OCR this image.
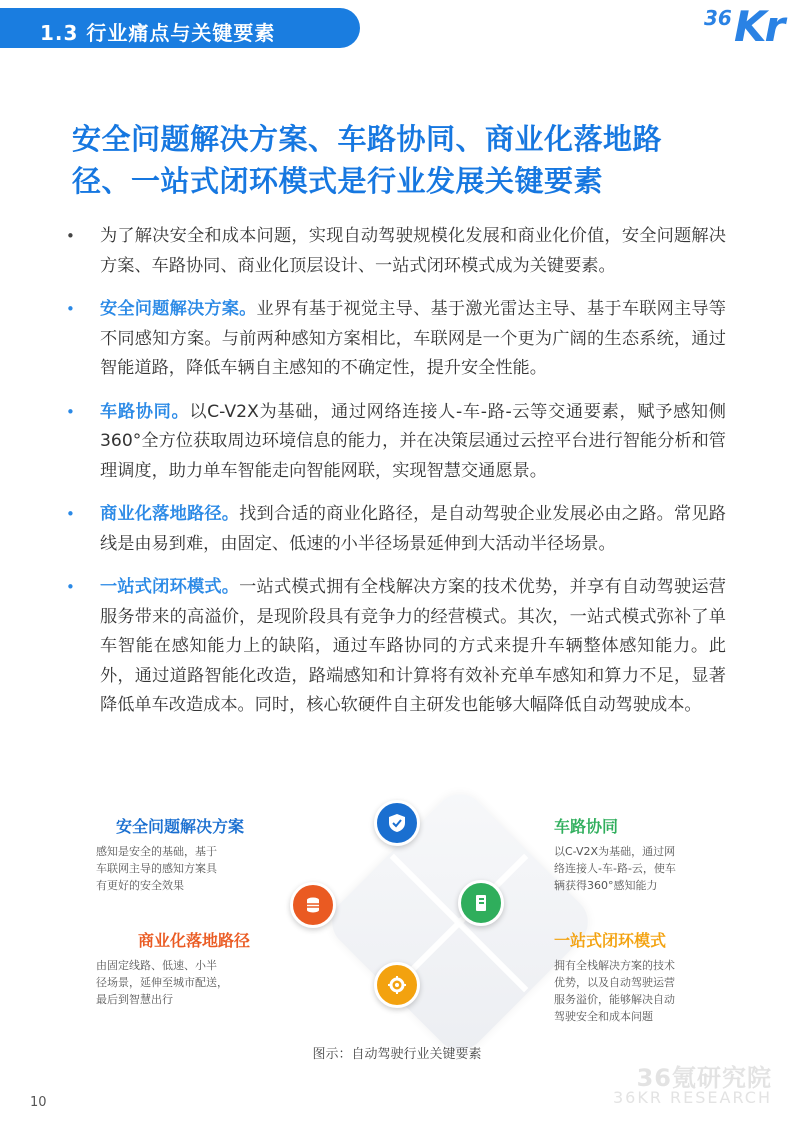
1.3 行业痛点与关键要素
36 Kr
安全问题解决方案、车路协同、商业化落地路
径、一站式闭环模式是行业发展关键要素
• 为了解决安全和成本问题，实现自动驾驶规模化发展和商业化价值，安全问题解决方案、车路协同、商业化顶层设计、一站式闭环模式成为关键要素。
• 安全问题解决方案。业界有基于视觉主导、基于激光雷达主导、基于车联网主导等不同感知方案。与前两种感知方案相比，车联网是一个更为广阔的生态系统，通过智能道路，降低车辆自主感知的不确定性，提升安全性能。
• 车路协同。以C-V2X为基础，通过网络连接人-车-路-云等交通要素，赋予感知侧360°全方位获取周边环境信息的能力，并在决策层通过云控平台进行智能分析和管理调度，助力单车智能走向智能网联，实现智慧交通愿景。
• 商业化落地路径。找到合适的商业化路径，是自动驾驶企业发展必由之路。常见路线是由易到难，由固定、低速的小半径场景延伸到大活动半径场景。
• 一站式闭环模式。一站式模式拥有全栈解决方案的技术优势，并享有自动驾驶运营服务带来的高溢价，是现阶段具有竞争力的经营模式。其次，一站式模式弥补了单车智能在感知能力上的缺陷，通过车路协同的方式来提升车辆整体感知能力。此外，通过道路智能化改造，路端感知和计算将有效补充单车感知和算力不足，显著降低单车改造成本。同时，核心软硬件自主研发也能够大幅降低自动驾驶成本。
安全问题解决方案
感知是安全的基础，基于
车联网主导的感知方案具
有更好的安全效果
车路协同
以C-V2X为基础，通过网
络连接人-车-路-云，使车
辆获得360°感知能力
商业化落地路径
由固定线路、低速、小半
径场景，延伸至城市配送，
最后到智慧出行
一站式闭环模式
拥有全栈解决方案的技术
优势，以及自动驾驶运营
服务溢价，能够解决自动
驾驶安全和成本问题
图示：自动驾驶行业关键要素
10
36氪研究院
36KR RESEARCH
